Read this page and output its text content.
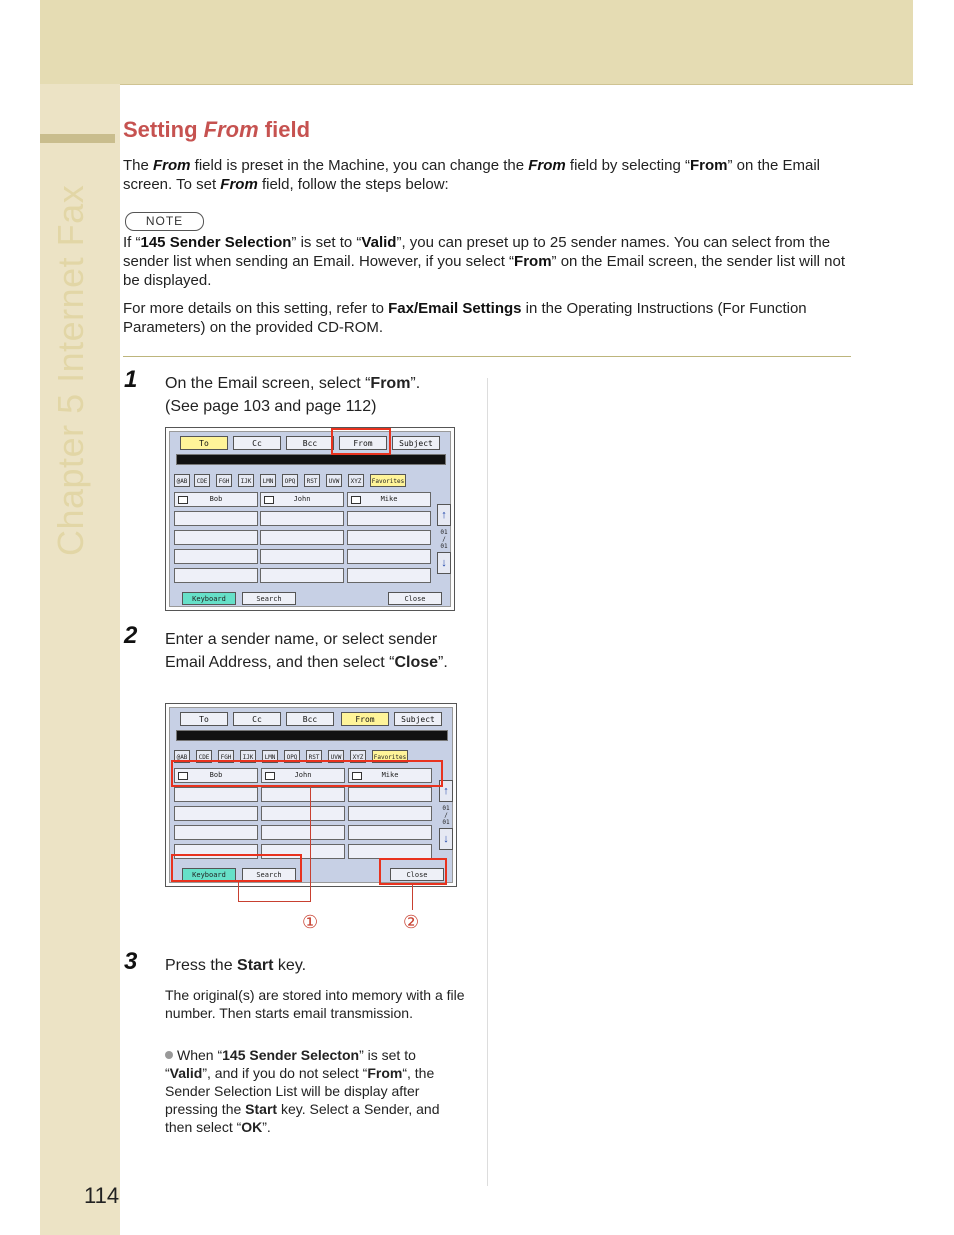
Chapter 5 Internet Fax
Setting From field
The From field is preset in the Machine, you can change the From field by selecting “From” on the Email screen. To set From field, follow the steps below:
NOTE
If “145 Sender Selection” is set to “Valid”, you can preset up to 25 sender names. You can select from the sender list when sending an Email. However, if you select “From” on the Email screen, the sender list will not be displayed.
For more details on this setting, refer to Fax/Email Settings in the Operating Instructions (For Function Parameters) on the provided CD-ROM.
1 On the Email screen, select “From”.
(See page 103 and page 112)
To	Cc	Bcc	From	Subject
@AB	CDE	FGH	IJK	LMN	OPQ	RST	UVW	XYZ	Favorites
Bob	John	Mike
↑
01
/
01
↓
Keyboard	Search	Close
2 Enter a sender name, or select sender Email Address, and then select “Close”.
To	Cc	Bcc	From	Subject
@AB	CDE	FGH	IJK	LMN	OPQ	RST	UVW	XYZ	Favorites
Bob	John	Mike
↑
01
/
01
↓
Keyboard	Search	Close
①	②
3 Press the Start key.
The original(s) are stored into memory with a file number. Then starts email transmission.
When “145 Sender Selecton” is set to “Valid”, and if you do not select “From“, the Sender Selection List will be display after pressing the Start key. Select a Sender, and then select “OK”.
114
